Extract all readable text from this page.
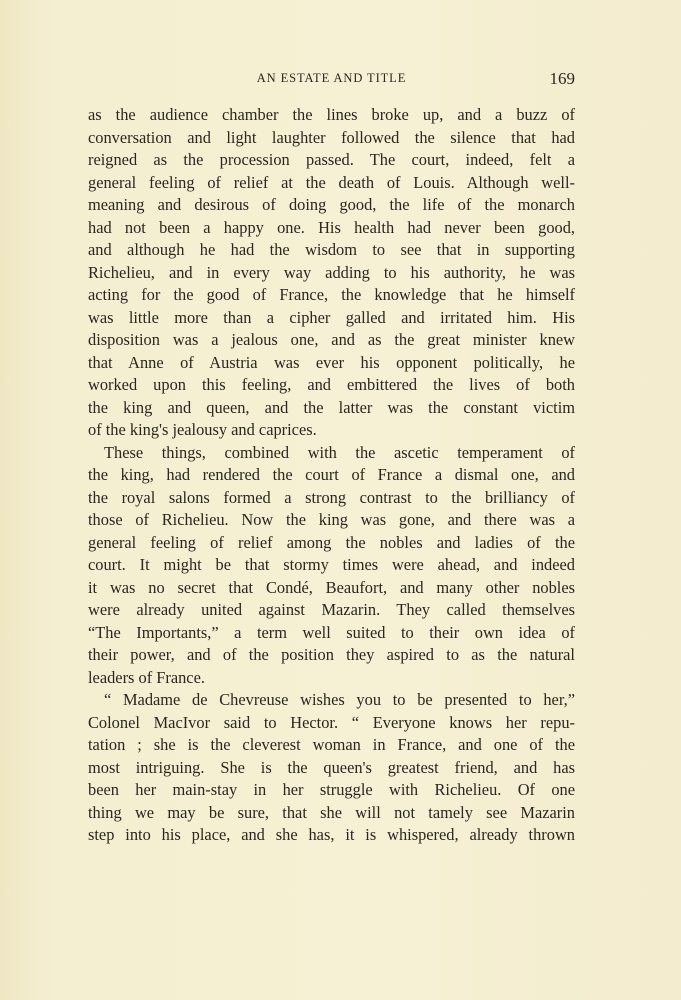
AN ESTATE AND TITLE	169
as the audience chamber the lines broke up, and a buzz of
conversation and light laughter followed the silence that had
reigned as the procession passed. The court, indeed, felt a
general feeling of relief at the death of Louis. Although well-
meaning and desirous of doing good, the life of the monarch
had not been a happy one. His health had never been good,
and although he had the wisdom to see that in supporting
Richelieu, and in every way adding to his authority, he was
acting for the good of France, the knowledge that he himself
was little more than a cipher galled and irritated him. His
disposition was a jealous one, and as the great minister knew
that Anne of Austria was ever his opponent politically, he
worked upon this feeling, and embittered the lives of both
the king and queen, and the latter was the constant victim
of the king's jealousy and caprices.
These things, combined with the ascetic temperament of
the king, had rendered the court of France a dismal one, and
the royal salons formed a strong contrast to the brilliancy of
those of Richelieu. Now the king was gone, and there was a
general feeling of relief among the nobles and ladies of the
court. It might be that stormy times were ahead, and indeed
it was no secret that Condé, Beaufort, and many other nobles
were already united against Mazarin. They called themselves
“The Importants,” a term well suited to their own idea of
their power, and of the position they aspired to as the natural
leaders of France.
“ Madame de Chevreuse wishes you to be presented to her,”
Colonel MacIvor said to Hector. “ Everyone knows her repu-
tation ; she is the cleverest woman in France, and one of the
most intriguing. She is the queen's greatest friend, and has
been her main-stay in her struggle with Richelieu. Of one
thing we may be sure, that she will not tamely see Mazarin
step into his place, and she has, it is whispered, already thrown
